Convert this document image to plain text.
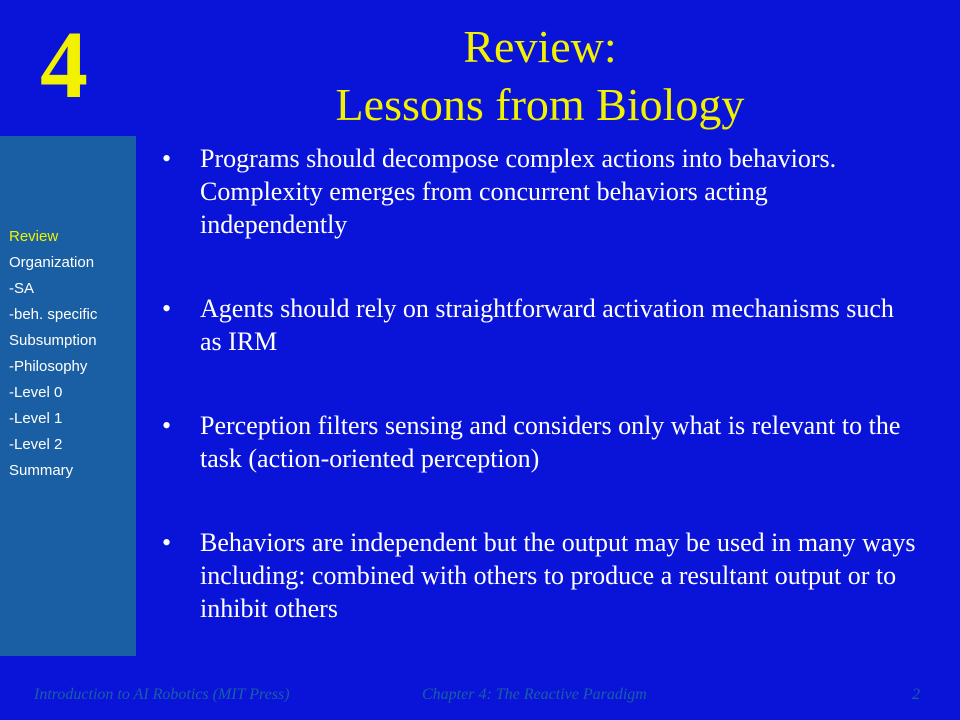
4	Review:
Lessons from Biology
Review
Organization
-SA
-beh. specific
Subsumption
-Philosophy
-Level 0
-Level 1
-Level 2
Summary
• Programs should decompose complex actions into behaviors. Complexity emerges from concurrent behaviors acting independently
• Agents should rely on straightforward activation mechanisms such as IRM
• Perception filters sensing and considers only what is relevant to the task (action-oriented perception)
• Behaviors are independent but the output may be used in many ways including: combined with others to produce a resultant output or to inhibit others
Introduction to AI Robotics (MIT Press)	Chapter 4: The Reactive Paradigm	2
